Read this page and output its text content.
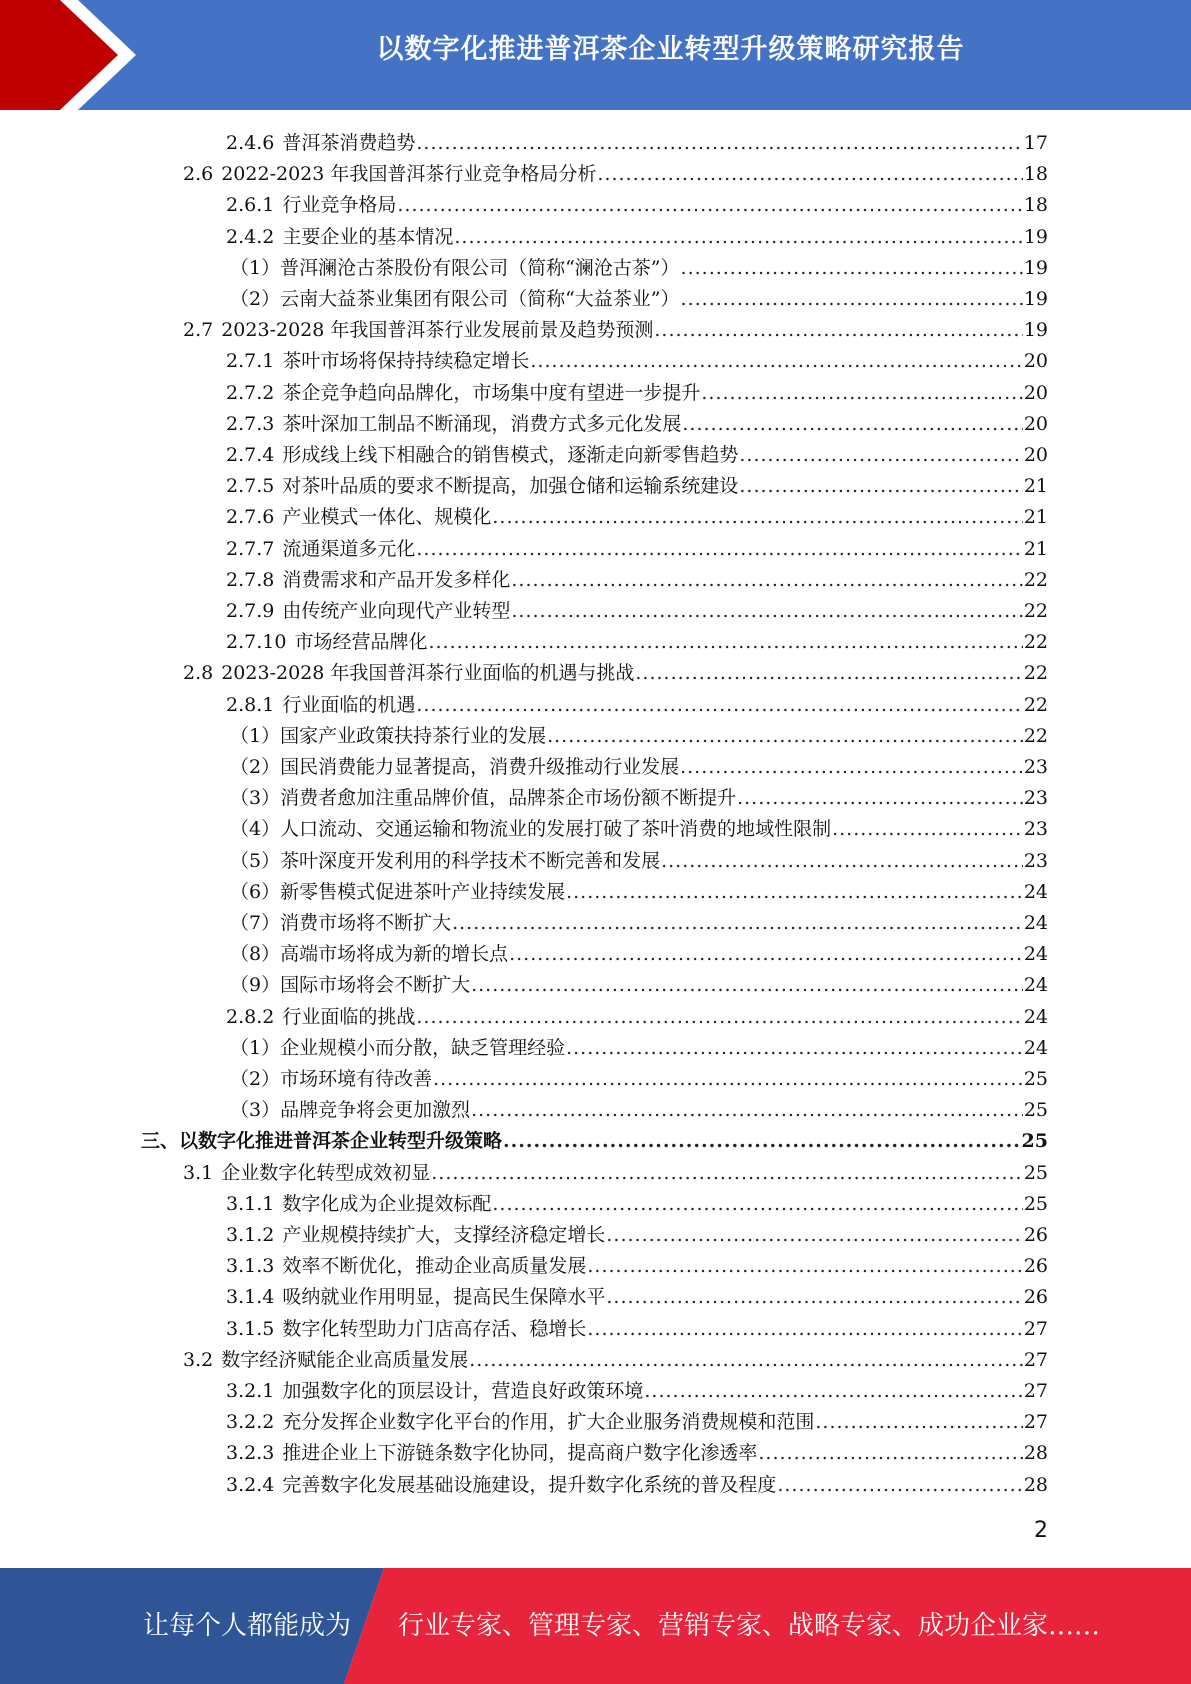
以数字化推进普洱茶企业转型升级策略研究报告
2.4.6 普洱茶消费趋势 .....	17
2.6 2022-2023 年我国普洱茶行业竞争格局分析 .....	18
2.6.1 行业竞争格局 .....	18
2.4.2 主要企业的基本情况 .....	19
（1）普洱澜沧古茶股份有限公司（简称“澜沧古茶”） .....	19
（2）云南大益茶业集团有限公司（简称“大益茶业”） .....	19
2.7 2023-2028 年我国普洱茶行业发展前景及趋势预测 .....	19
2.7.1 茶叶市场将保持持续稳定增长 .....	20
2.7.2 茶企竞争趋向品牌化，市场集中度有望进一步提升 .....	20
2.7.3 茶叶深加工制品不断涌现，消费方式多元化发展 .....	20
2.7.4 形成线上线下相融合的销售模式，逐渐走向新零售趋势 .....	20
2.7.5 对茶叶品质的要求不断提高，加强仓储和运输系统建设 .....	21
2.7.6 产业模式一体化、规模化 .....	21
2.7.7 流通渠道多元化 .....	21
2.7.8 消费需求和产品开发多样化 .....	22
2.7.9 由传统产业向现代产业转型 .....	22
2.7.10 市场经营品牌化 .....	22
2.8 2023-2028 年我国普洱茶行业面临的机遇与挑战 .....	22
2.8.1 行业面临的机遇 .....	22
（1）国家产业政策扶持茶行业的发展 .....	22
（2）国民消费能力显著提高，消费升级推动行业发展 .....	23
（3）消费者愈加注重品牌价值，品牌茶企市场份额不断提升 .....	23
（4）人口流动、交通运输和物流业的发展打破了茶叶消费的地域性限制 .....	23
（5）茶叶深度开发利用的科学技术不断完善和发展 .....	23
（6）新零售模式促进茶叶产业持续发展 .....	24
（7）消费市场将不断扩大 .....	24
（8）高端市场将成为新的增长点 .....	24
（9）国际市场将会不断扩大 .....	24
2.8.2 行业面临的挑战 .....	24
（1）企业规模小而分散，缺乏管理经验 .....	24
（2）市场环境有待改善 .....	25
（3）品牌竞争将会更加激烈 .....	25
三、以数字化推进普洱茶企业转型升级策略 .....	25
3.1 企业数字化转型成效初显 .....	25
3.1.1 数字化成为企业提效标配 .....	25
3.1.2 产业规模持续扩大，支撑经济稳定增长 .....	26
3.1.3 效率不断优化，推动企业高质量发展 .....	26
3.1.4 吸纳就业作用明显，提高民生保障水平 .....	26
3.1.5 数字化转型助力门店高存活、稳增长 .....	27
3.2 数字经济赋能企业高质量发展 .....	27
3.2.1 加强数字化的顶层设计，营造良好政策环境 .....	27
3.2.2 充分发挥企业数字化平台的作用，扩大企业服务消费规模和范围 .....	27
3.2.3 推进企业上下游链条数字化协同，提高商户数字化渗透率 .....	28
3.2.4 完善数字化发展基础设施建设，提升数字化系统的普及程度 .....	28
2
让每个人都能成为 行业专家、管理专家、营销专家、战略专家、成功企业家……
